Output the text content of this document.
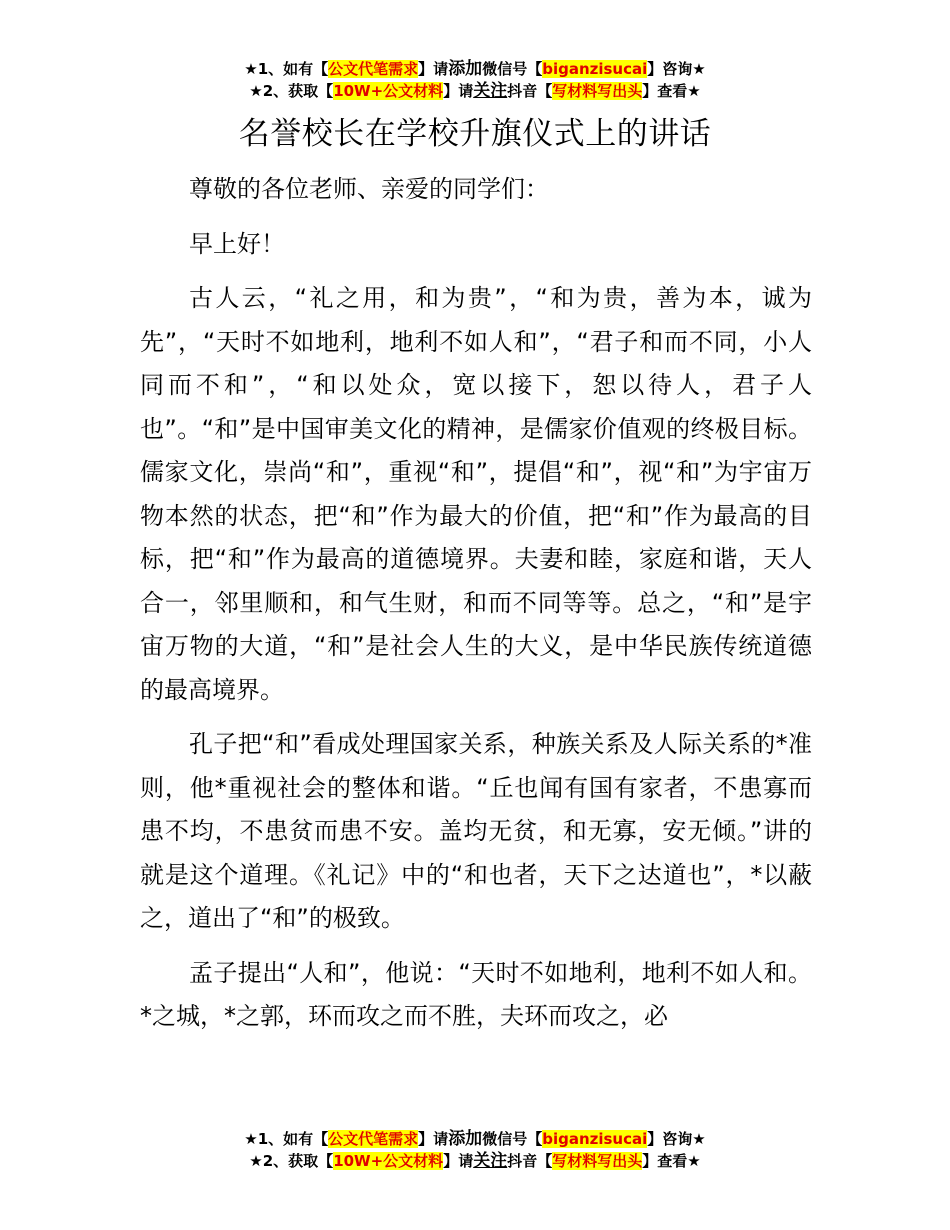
★1、如有【公文代笔需求】请添加微信号【biganzisucai】咨询★
★2、获取【10W+公文材料】请关注抖音【写材料写出头】查看★
名誉校长在学校升旗仪式上的讲话

尊敬的各位老师、亲爱的同学们：

早上好！

古人云，“礼之用，和为贵”，“和为贵，善为本，诚为先”，“天时不如地利，地利不如人和”，“君子和而不同，小人同而不和”，“和以处众，宽以接下，恕以待人，君子人也”。“和”是中国审美文化的精神，是儒家价值观的终极目标。儒家文化，崇尚“和”，重视“和”，提倡“和”，视“和”为宇宙万物本然的状态，把“和”作为最大的价值，把“和”作为最高的目标，把“和”作为最高的道德境界。夫妻和睦，家庭和谐，天人合一，邻里顺和，和气生财，和而不同等等。总之，“和”是宇宙万物的大道，“和”是社会人生的大义，是中华民族传统道德的最高境界。

孔子把“和”看成处理国家关系，种族关系及人际关系的*准则，他*重视社会的整体和谐。“丘也闻有国有家者，不患寡而患不均，不患贫而患不安。盖均无贫，和无寡，安无倾。”讲的就是这个道理。《礼记》中的“和也者，天下之达道也”，*以蔽之，道出了“和”的极致。

孟子提出“人和”，他说：“天时不如地利，地利不如人和。*之城，*之郭，环而攻之而不胜，夫环而攻之，必

★1、如有【公文代笔需求】请添加微信号【biganzisucai】咨询★
★2、获取【10W+公文材料】请关注抖音【写材料写出头】查看★
